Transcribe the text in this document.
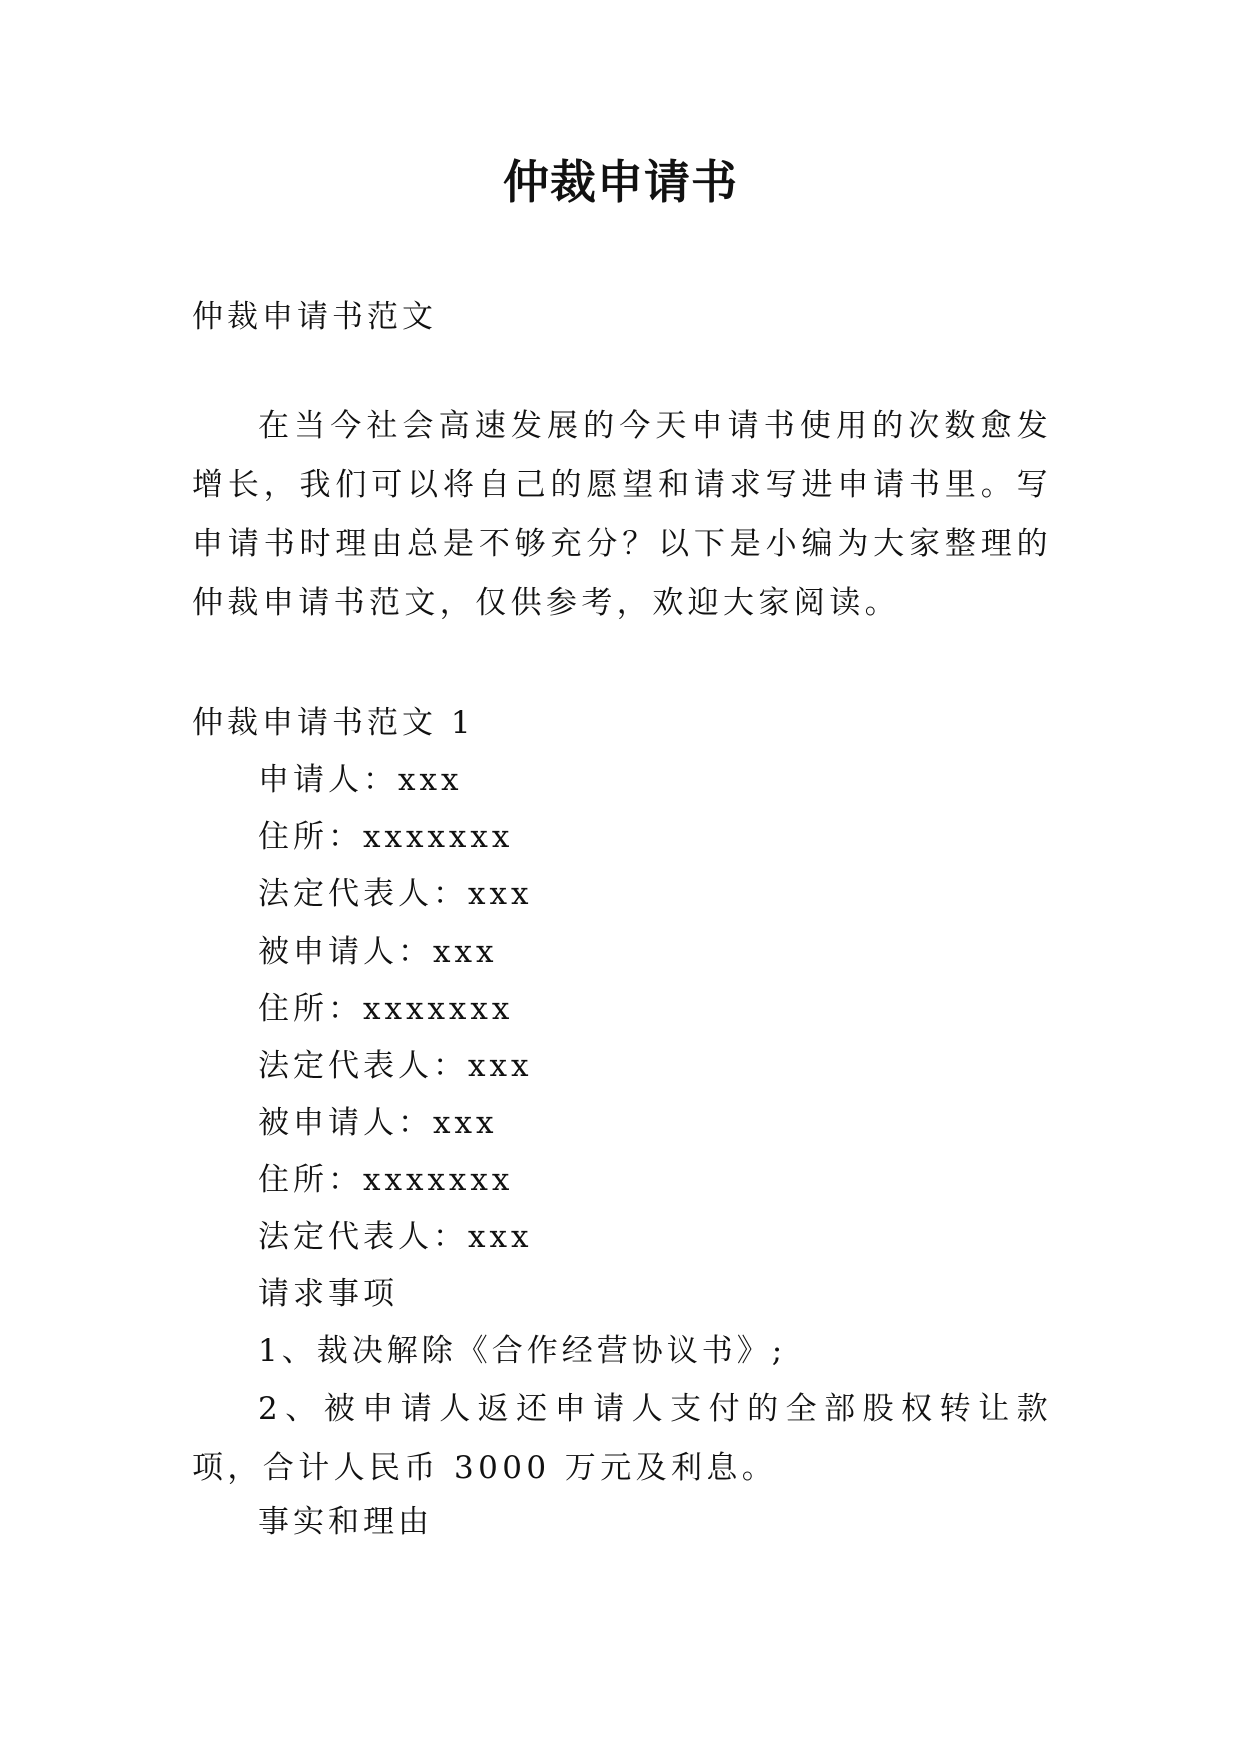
仲裁申请书
仲裁申请书范文
在当今社会高速发展的今天申请书使用的次数愈发增长，我们可以将自己的愿望和请求写进申请书里。写申请书时理由总是不够充分？以下是小编为大家整理的仲裁申请书范文，仅供参考，欢迎大家阅读。
仲裁申请书范文 1
申请人：xxx
住所：xxxxxxx
法定代表人：xxx
被申请人：xxx
住所：xxxxxxx
法定代表人：xxx
被申请人：xxx
住所：xxxxxxx
法定代表人：xxx
请求事项
1、裁决解除《合作经营协议书》;
2、被申请人返还申请人支付的全部股权转让款项，合计人民币 3000 万元及利息。
事实和理由
